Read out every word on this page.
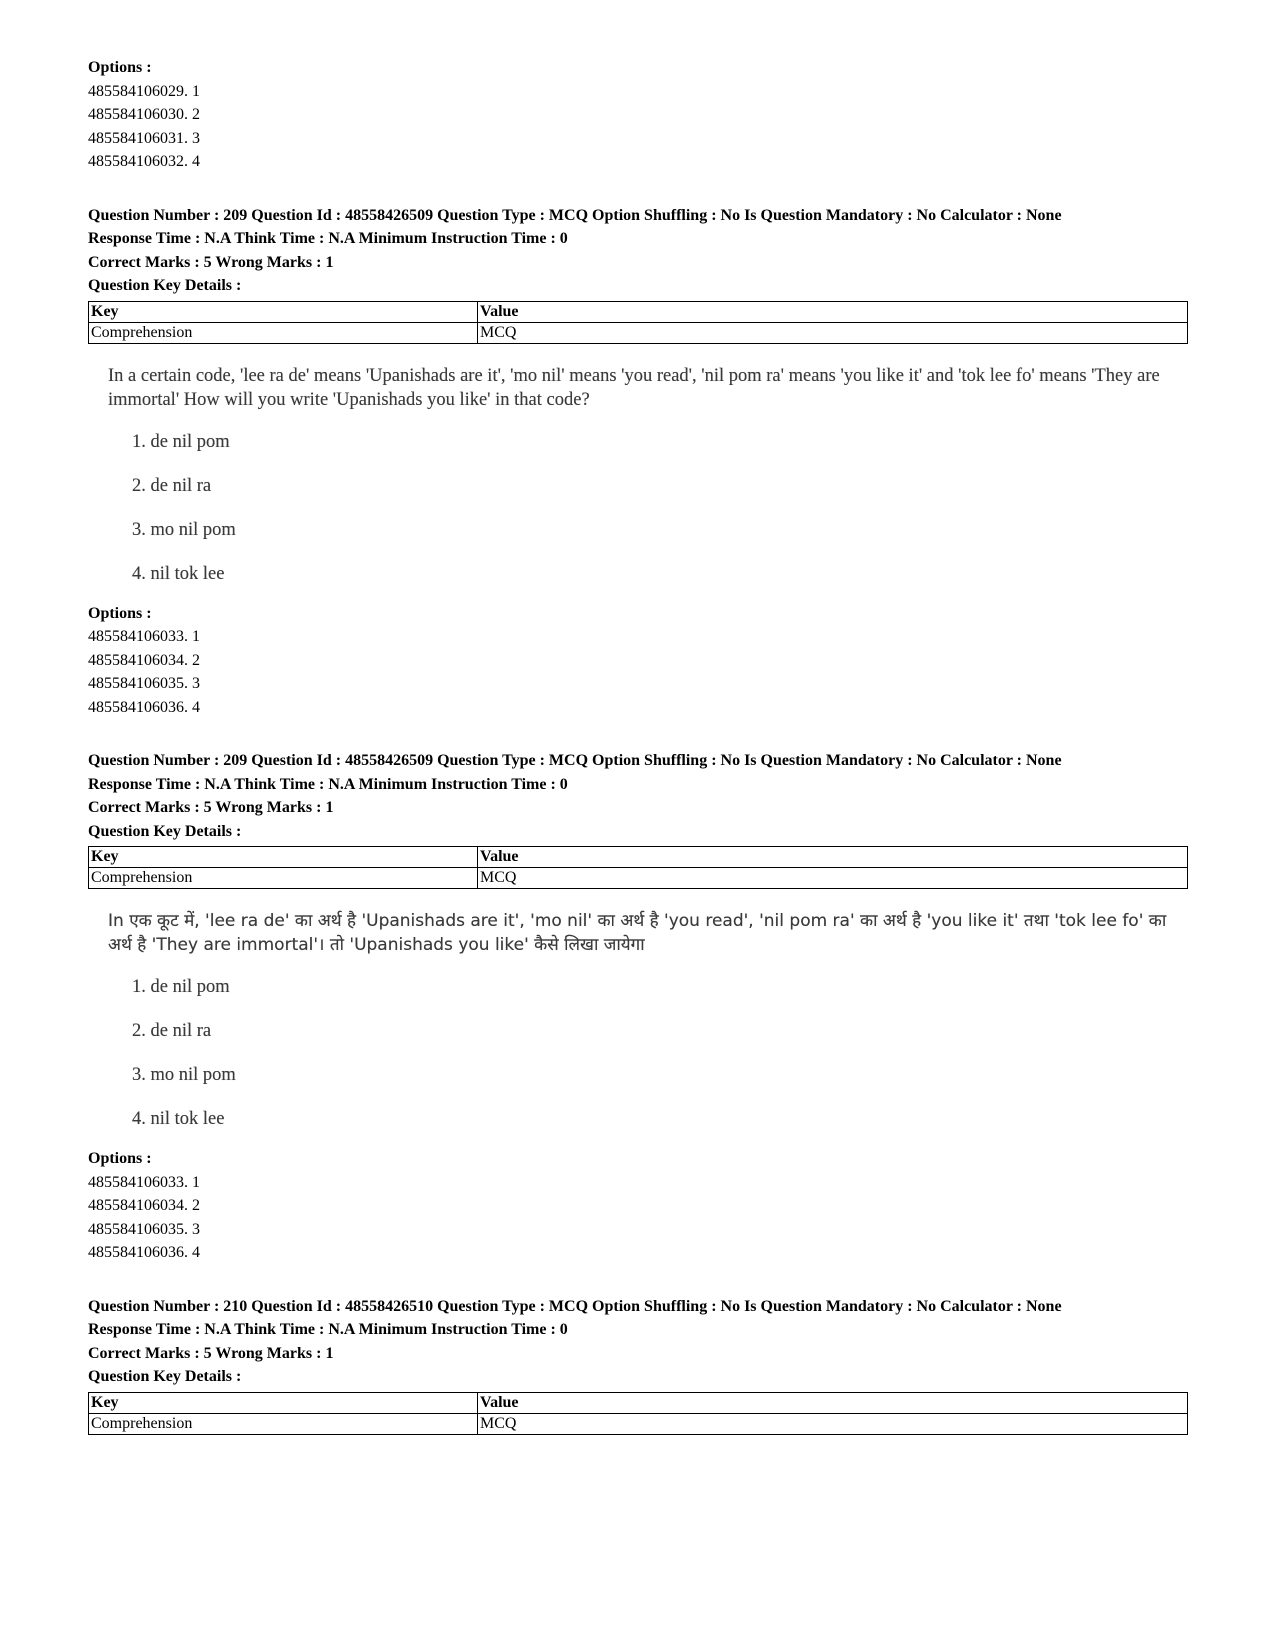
Options :
485584106029. 1
485584106030. 2
485584106031. 3
485584106032. 4
Question Number : 209 Question Id : 48558426509 Question Type : MCQ Option Shuffling : No Is Question Mandatory : No Calculator : None
Response Time : N.A Think Time : N.A Minimum Instruction Time : 0
Correct Marks : 5 Wrong Marks : 1
Question Key Details :
Key	Value
Comprehension	MCQ
In a certain code, 'lee ra de' means 'Upanishads are it', 'mo nil' means 'you read', 'nil pom ra' means 'you like it' and 'tok lee fo' means 'They are immortal' How will you write 'Upanishads you like' in that code?
1. de nil pom
2. de nil ra
3. mo nil pom
4. nil tok lee
Options :
485584106033. 1
485584106034. 2
485584106035. 3
485584106036. 4
Question Number : 209 Question Id : 48558426509 Question Type : MCQ Option Shuffling : No Is Question Mandatory : No Calculator : None
Response Time : N.A Think Time : N.A Minimum Instruction Time : 0
Correct Marks : 5 Wrong Marks : 1
Question Key Details :
Key	Value
Comprehension	MCQ
In एक कूट में, 'lee ra de' का अर्थ है 'Upanishads are it', 'mo nil' का अर्थ है 'you read', 'nil pom ra' का अर्थ है 'you like it' तथा 'tok lee fo' का अर्थ है 'They are immortal'। तो 'Upanishads you like' कैसे लिखा जायेगा
1. de nil pom
2. de nil ra
3. mo nil pom
4. nil tok lee
Options :
485584106033. 1
485584106034. 2
485584106035. 3
485584106036. 4
Question Number : 210 Question Id : 48558426510 Question Type : MCQ Option Shuffling : No Is Question Mandatory : No Calculator : None
Response Time : N.A Think Time : N.A Minimum Instruction Time : 0
Correct Marks : 5 Wrong Marks : 1
Question Key Details :
Key	Value
Comprehension	MCQ
